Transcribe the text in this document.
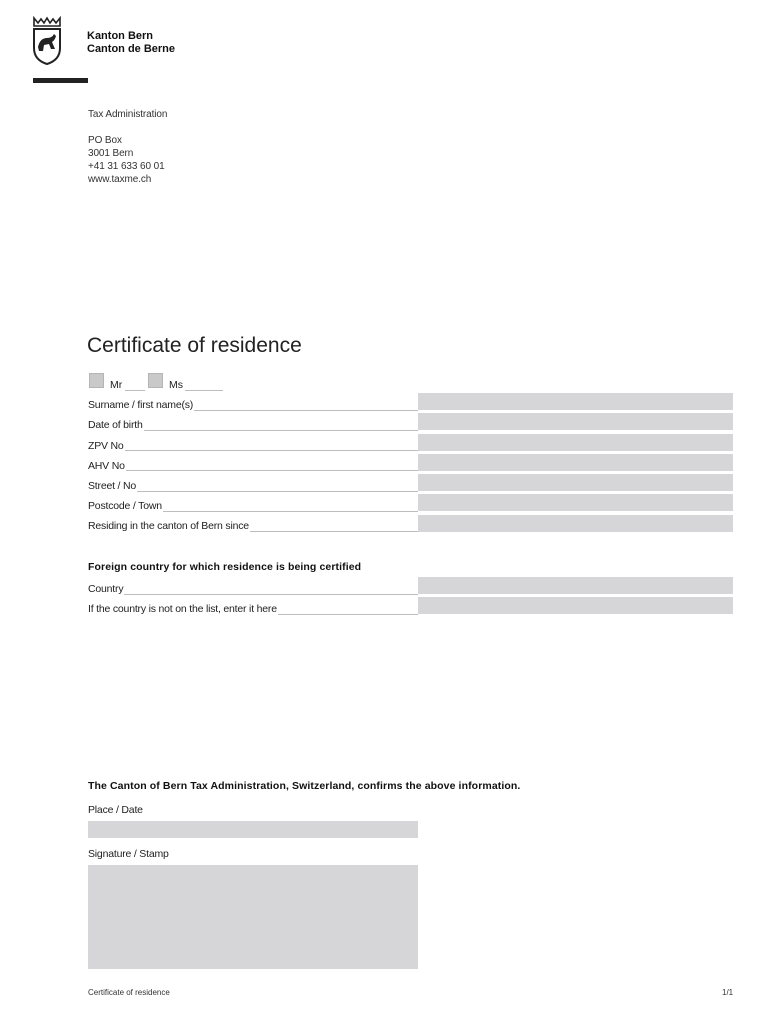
Kanton Bern
Canton de Berne
Tax Administration
PO Box
3001 Bern
+41 31 633 60 01
www.taxme.ch
Certificate of residence
Mr	Ms
Surname / first name(s)
Date of birth
ZPV No
AHV No
Street / No
Postcode / Town
Residing in the canton of Bern since
Foreign country for which residence is being certified
Country
If the country is not on the list, enter it here
The Canton of Bern Tax Administration, Switzerland, confirms the above information.
Place / Date
Signature / Stamp
Certificate of residence	1/1
